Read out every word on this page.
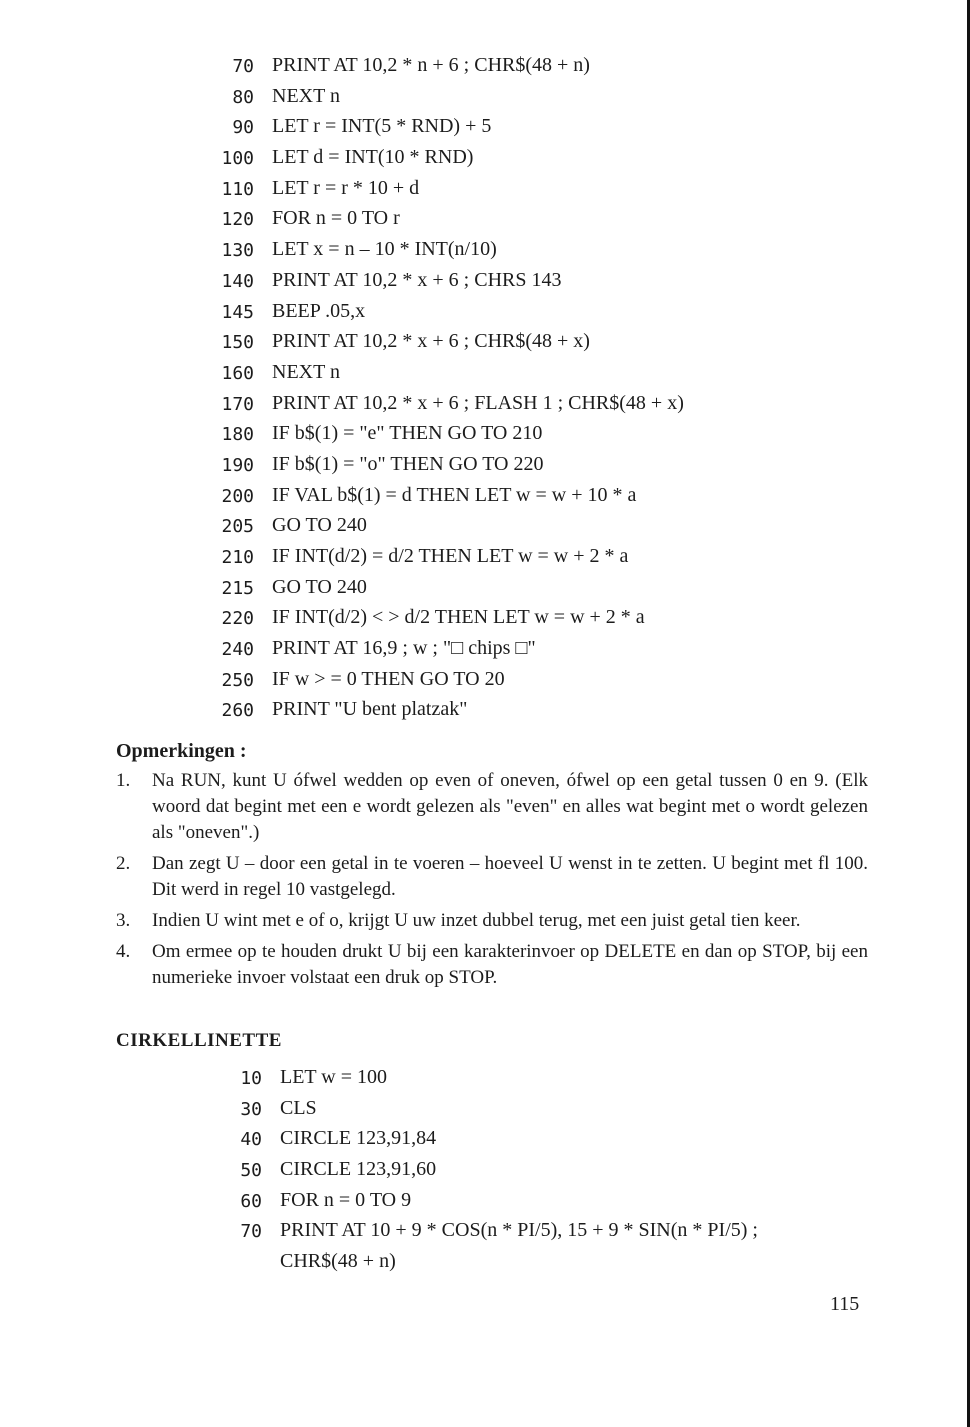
70 PRINT AT 10,2 * n + 6 ; CHR$(48 + n)
80 NEXT n
90 LET r = INT(5 * RND) + 5
100 LET d = INT(10 * RND)
110 LET r = r * 10 + d
120 FOR n = 0 TO r
130 LET x = n – 10 * INT(n/10)
140 PRINT AT 10,2 * x + 6 ; CHRS 143
145 BEEP .05,x
150 PRINT AT 10,2 * x + 6 ; CHR$(48 + x)
160 NEXT n
170 PRINT AT 10,2 * x + 6 ; FLASH 1 ; CHR$(48 + x)
180 IF b$(1) = "e" THEN GO TO 210
190 IF b$(1) = "o" THEN GO TO 220
200 IF VAL b$(1) = d THEN LET w = w + 10 * a
205 GO TO 240
210 IF INT(d/2) = d/2 THEN LET w = w + 2 * a
215 GO TO 240
220 IF INT(d/2) < > d/2 THEN LET w = w + 2 * a
240 PRINT AT 16,9 ; w ; "□ chips □"
250 IF w > = 0 THEN GO TO 20
260 PRINT "U bent platzak"
Opmerkingen :
1. Na RUN, kunt U ófwel wedden op even of oneven, ófwel op een getal tussen 0 en 9. (Elk woord dat begint met een e wordt gelezen als "even" en alles wat begint met o wordt gelezen als "oneven".)
2. Dan zegt U – door een getal in te voeren – hoeveel U wenst in te zetten. U begint met fl 100. Dit werd in regel 10 vastgelegd.
3. Indien U wint met e of o, krijgt U uw inzet dubbel terug, met een juist getal tien keer.
4. Om ermee op te houden drukt U bij een karakterinvoer op DELETE en dan op STOP, bij een numerieke invoer volstaat een druk op STOP.
CIRKELLINETTE
10 LET w = 100
30 CLS
40 CIRCLE 123,91,84
50 CIRCLE 123,91,60
60 FOR n = 0 TO 9
70 PRINT AT 10 + 9 * COS(n * PI/5), 15 + 9 * SIN(n * PI/5) ;
CHR$(48 + n)
115
